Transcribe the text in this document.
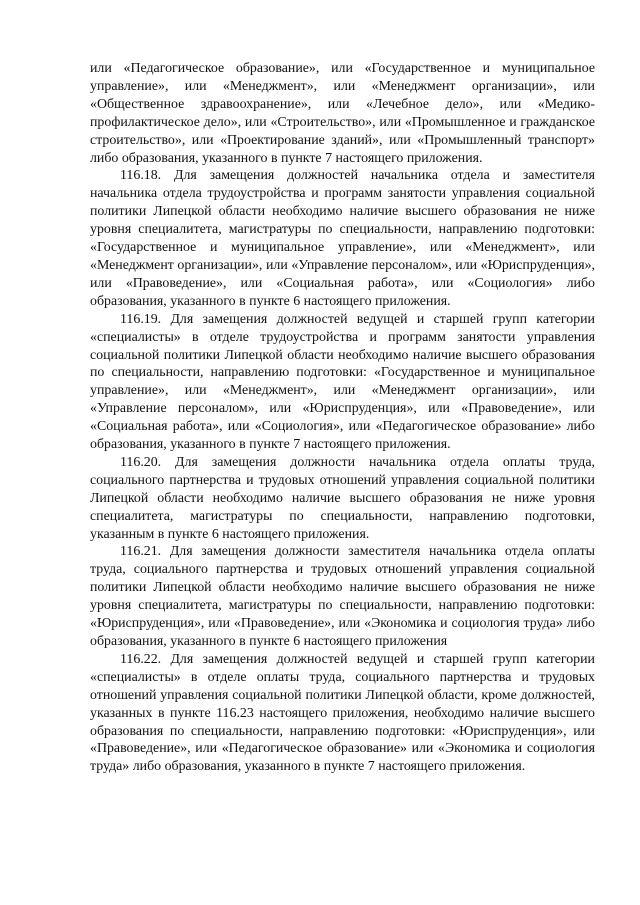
или «Педагогическое образование», или «Государственное и муниципальное управление», или «Менеджмент», или «Менеджмент организации», или «Общественное здравоохранение», или «Лечебное дело», или «Медико-профилактическое дело», или «Строительство», или «Промышленное и гражданское строительство», или «Проектирование зданий», или «Промышленный транспорт» либо образования, указанного в пункте 7 настоящего приложения.

116.18. Для замещения должностей начальника отдела и заместителя начальника отдела трудоустройства и программ занятости управления социальной политики Липецкой области необходимо наличие высшего образования не ниже уровня специалитета, магистратуры по специальности, направлению подготовки: «Государственное и муниципальное управление», или «Менеджмент», или «Менеджмент организации», или «Управление персоналом», или «Юриспруденция», или «Правоведение», или «Социальная работа», или «Социология» либо образования, указанного в пункте 6 настоящего приложения.

116.19. Для замещения должностей ведущей и старшей групп категории «специалисты» в отделе трудоустройства и программ занятости управления социальной политики Липецкой области необходимо наличие высшего образования по специальности, направлению подготовки: «Государственное и муниципальное управление», или «Менеджмент», или «Менеджмент организации», или «Управление персоналом», или «Юриспруденция», или «Правоведение», или «Социальная работа», или «Социология», или «Педагогическое образование» либо образования, указанного в пункте 7 настоящего приложения.

116.20. Для замещения должности начальника отдела оплаты труда, социального партнерства и трудовых отношений управления социальной политики Липецкой области необходимо наличие высшего образования не ниже уровня специалитета, магистратуры по специальности, направлению подготовки, указанным в пункте 6 настоящего приложения.

116.21. Для замещения должности заместителя начальника отдела оплаты труда, социального партнерства и трудовых отношений управления социальной политики Липецкой области необходимо наличие высшего образования не ниже уровня специалитета, магистратуры по специальности, направлению подготовки: «Юриспруденция», или «Правоведение», или «Экономика и социология труда» либо образования, указанного в пункте 6 настоящего приложения

116.22. Для замещения должностей ведущей и старшей групп категории «специалисты» в отделе оплаты труда, социального партнерства и трудовых отношений управления социальной политики Липецкой области, кроме должностей, указанных в пункте 116.23 настоящего приложения, необходимо наличие высшего образования по специальности, направлению подготовки: «Юриспруденция», или «Правоведение», или «Педагогическое образование» или «Экономика и социология труда» либо образования, указанного в пункте 7 настоящего приложения.
